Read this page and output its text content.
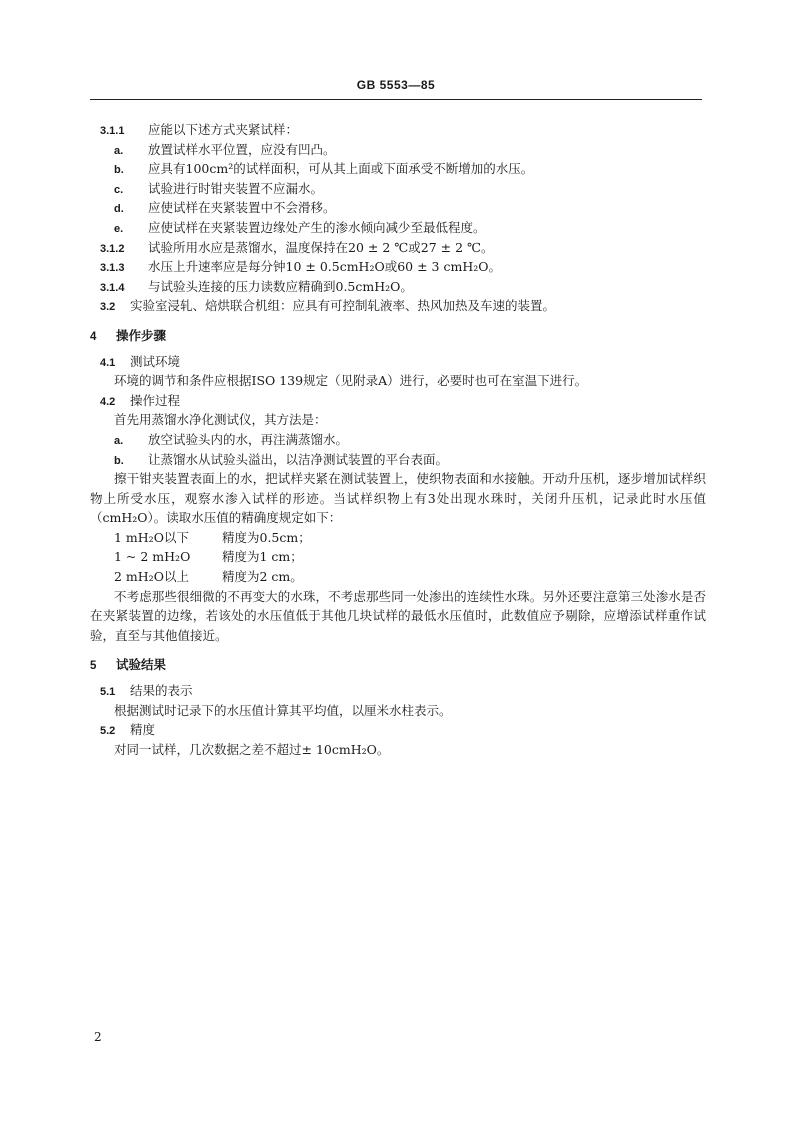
GB 5553—85
3.1.1 应能以下述方式夹紧试样：
a. 放置试样水平位置，应没有凹凸。
b. 应具有100cm²的试样面积，可从其上面或下面承受不断增加的水压。
c. 试验进行时钳夹装置不应漏水。
d. 应使试样在夹紧装置中不会滑移。
e. 应使试样在夹紧装置边缘处产生的渗水倾向减少至最低程度。
3.1.2 试验所用水应是蒸馏水，温度保持在20 ± 2 ℃或27 ± 2 ℃。
3.1.3 水压上升速率应是每分钟10 ± 0.5cmH₂O或60 ± 3 cmH₂O。
3.1.4 与试验头连接的压力读数应精确到0.5cmH₂O。
3.2 实验室浸轧、焙烘联合机组：应具有可控制轧液率、热风加热及车速的装置。
4 操作步骤
4.1 测试环境
环境的调节和条件应根据ISO 139规定（见附录A）进行，必要时也可在室温下进行。
4.2 操作过程
首先用蒸馏水净化测试仪，其方法是：
a. 放空试验头内的水，再注满蒸馏水。
b. 让蒸馏水从试验头溢出，以洁净测试装置的平台表面。

擦干钳夹装置表面上的水，把试样夹紧在测试装置上，使织物表面和水接触。开动升压机，逐步增加试样织物上所受水压，观察水渗入试样的形迹。当试样织物上有3处出现水珠时，关闭升压机，记录此时水压值（cmH₂O）。读取水压值的精确度规定如下：

1 mH₂O以下	精度为0.5cm；
1 ~ 2 mH₂O	精度为1 cm；
2 mH₂O以上	精度为2 cm。

不考虑那些很细微的不再变大的水珠，不考虑那些同一处渗出的连续性水珠。另外还要注意第三处渗水是否在夹紧装置的边缘，若该处的水压值低于其他几块试样的最低水压值时，此数值应予剔除，应增添试样重作试验，直至与其他值接近。

5 试验结果
5.1 结果的表示
根据测试时记录下的水压值计算其平均值，以厘米水柱表示。
5.2 精度
对同一试样，几次数据之差不超过± 10cmH₂O。
2
